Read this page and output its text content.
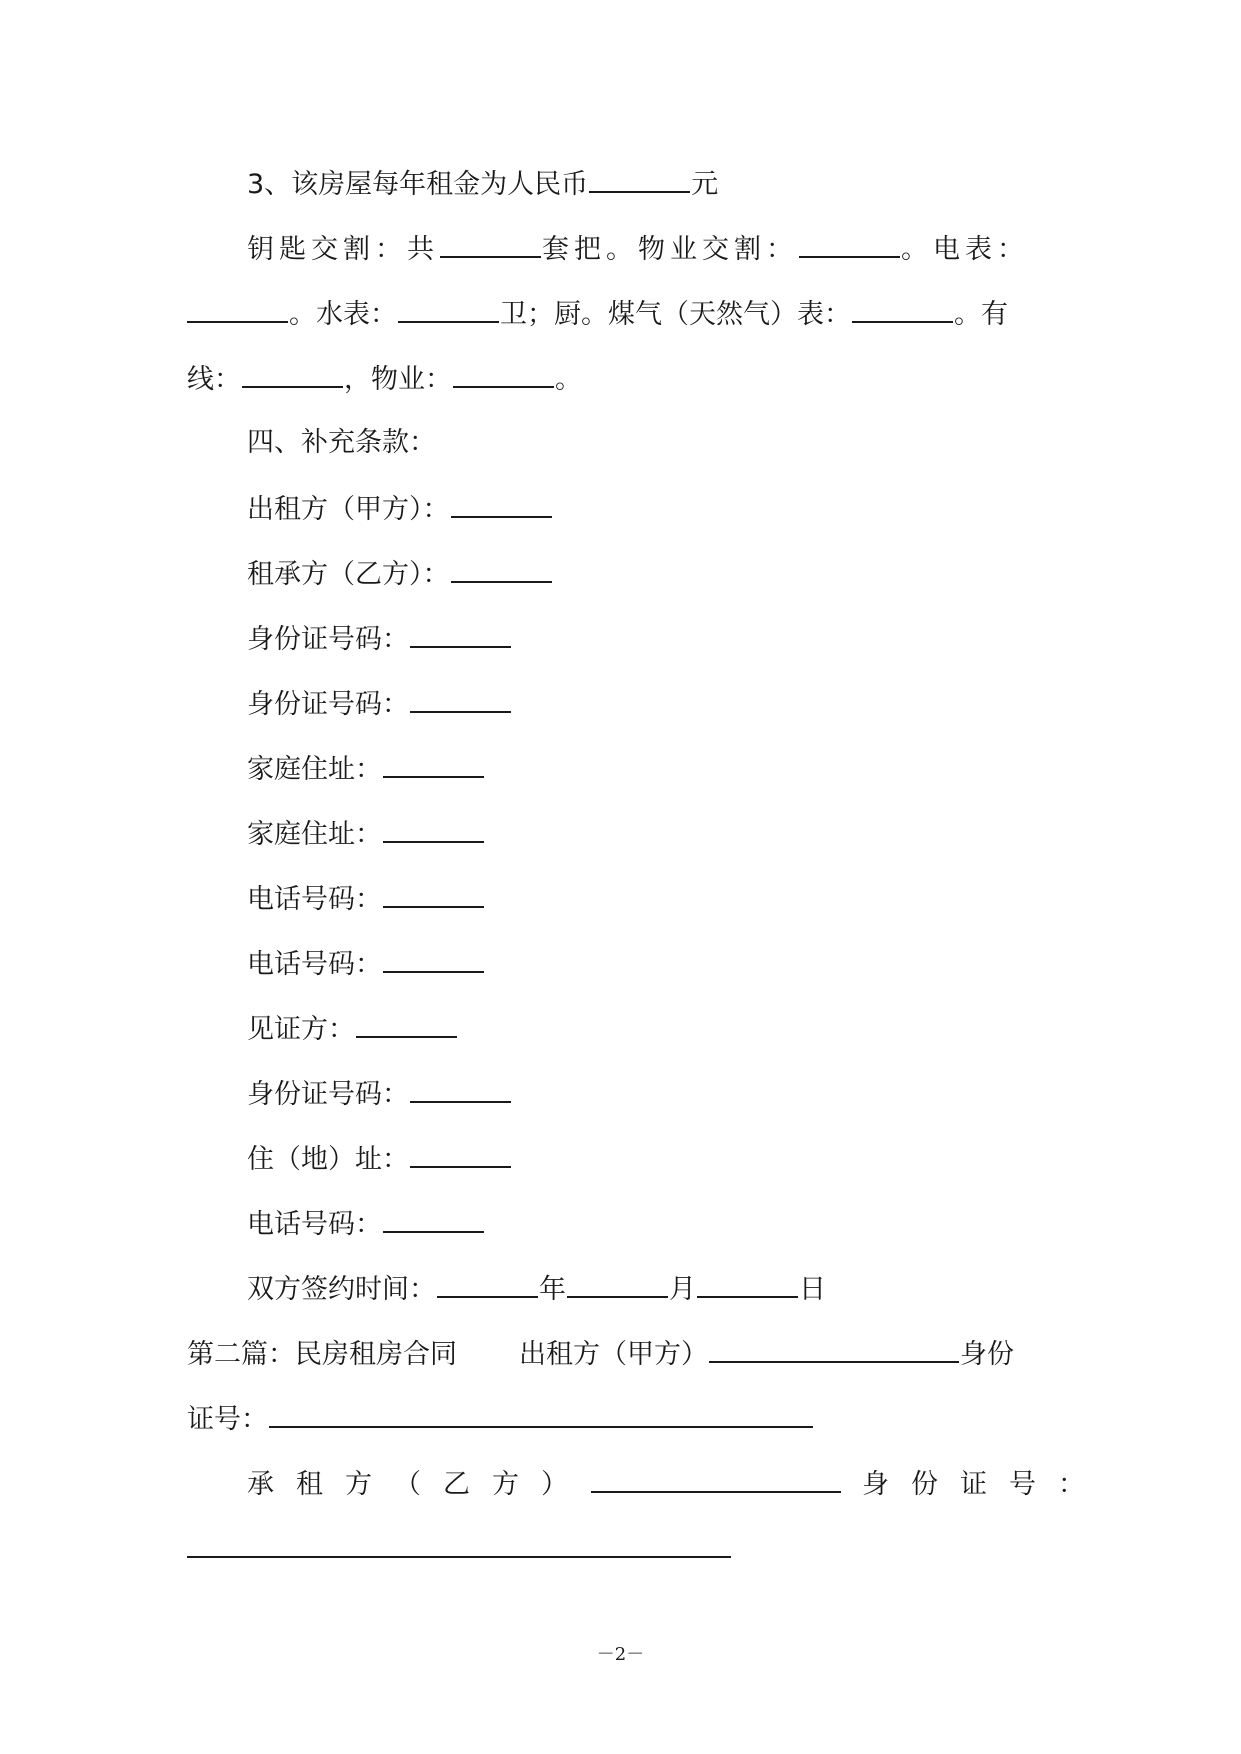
3、该房屋每年租金为人民币	元
钥匙交割：共	套把。物业交割：	。电表：
。水表：	卫；厨。煤气（天然气）表：	。有
线：	，物业：	。
四、补充条款：
出租方（甲方）：
租承方（乙方）：
身份证号码：
身份证号码：
家庭住址：
家庭住址：
电话号码：
电话号码：
见证方：
身份证号码：
住（地）址：
电话号码：
双方签约时间：	年	月	日
第二篇：民房租房合同 出租方（甲方）	身份
证号：
承租方（乙方）	身份证号：
－2－
